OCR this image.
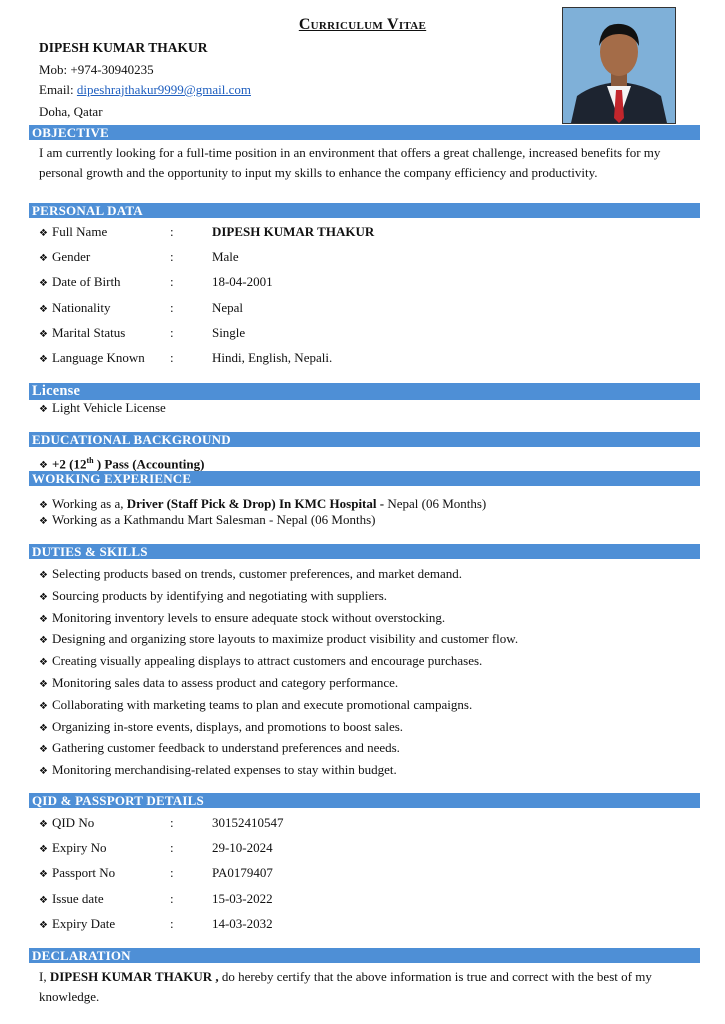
Curriculum Vitae
DIPESH KUMAR THAKUR
Mob: +974-30940235
Email: dipeshrajthakur9999@gmail.com
Doha, Qatar
OBJECTIVE
I am currently looking for a full-time position in an environment that offers a great challenge, increased benefits for my personal growth and the opportunity to input my skills to enhance the company efficiency and productivity.
PERSONAL DATA
❖ Full Name	:	DIPESH KUMAR THAKUR
❖ Gender	:	Male
❖ Date of Birth	:	18-04-2001
❖ Nationality	:	Nepal
❖ Marital Status	:	Single
❖ Language Known :	Hindi, English, Nepali.
License
❖ Light Vehicle License
EDUCATIONAL BACKGROUND
❖ +2 (12th ) Pass (Accounting)
WORKING EXPERIENCE
❖ Working as a, Driver (Staff Pick & Drop) In KMC Hospital - Nepal (06 Months)
❖ Working as a Kathmandu Mart Salesman - Nepal (06 Months)
DUTIES & SKILLS
❖ Selecting products based on trends, customer preferences, and market demand.
❖ Sourcing products by identifying and negotiating with suppliers.
❖ Monitoring inventory levels to ensure adequate stock without overstocking.
❖ Designing and organizing store layouts to maximize product visibility and customer flow.
❖ Creating visually appealing displays to attract customers and encourage purchases.
❖ Monitoring sales data to assess product and category performance.
❖ Collaborating with marketing teams to plan and execute promotional campaigns.
❖ Organizing in-store events, displays, and promotions to boost sales.
❖ Gathering customer feedback to understand preferences and needs.
❖ Monitoring merchandising-related expenses to stay within budget.
QID & PASSPORT DETAILS
❖ QID No	:	30152410547
❖ Expiry No	:	29-10-2024
❖ Passport No	:	PA0179407
❖ Issue date	:	15-03-2022
❖ Expiry Date	:	14-03-2032
DECLARATION
I, DIPESH KUMAR THAKUR , do hereby certify that the above information is true and correct with the best of my knowledge.
